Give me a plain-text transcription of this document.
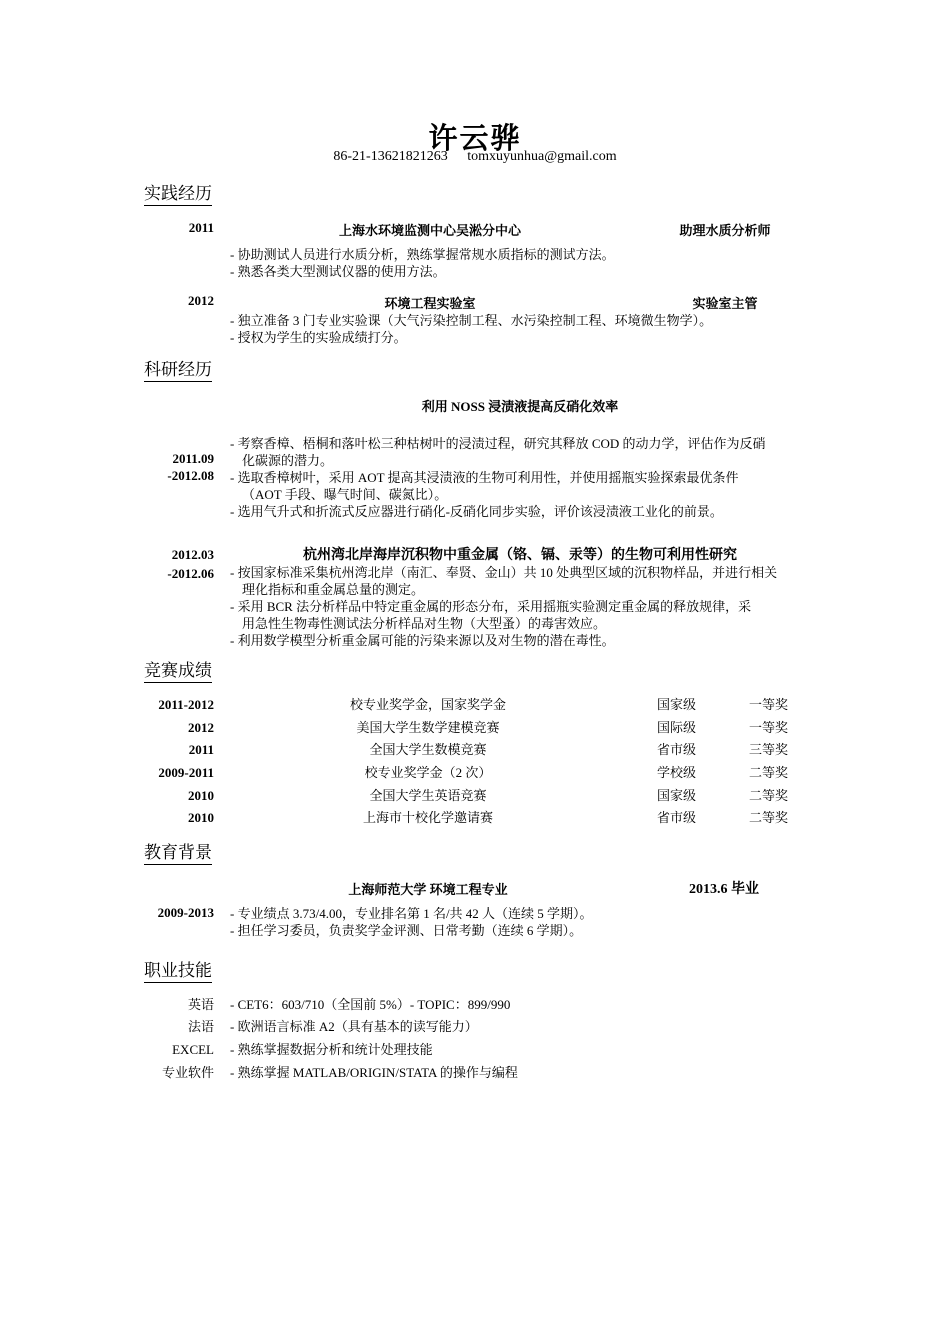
许云骅
86-21-13621821263 tomxuyunhua@gmail.com
实践经历
2011	上海水环境监测中心吴淞分中心	助理水质分析师
- 协助测试人员进行水质分析，熟练掌握常规水质指标的测试方法。
- 熟悉各类大型测试仪器的使用方法。
2012	环境工程实验室	实验室主管
- 独立准备 3 门专业实验课（大气污染控制工程、水污染控制工程、环境微生物学）。
- 授权为学生的实验成绩打分。
科研经历
利用 NOSS 浸渍液提高反硝化效率
2011.09
-2012.08
- 考察香樟、梧桐和落叶松三种枯树叶的浸渍过程，研究其释放 COD 的动力学，评估作为反硝
化碳源的潜力。
- 选取香樟树叶，采用 AOT 提高其浸渍液的生物可利用性，并使用摇瓶实验探索最优条件
（AOT 手段、曝气时间、碳氮比）。
- 选用气升式和折流式反应器进行硝化-反硝化同步实验，评价该浸渍液工业化的前景。
2012.03
-2012.06
杭州湾北岸海岸沉积物中重金属（铬、镉、汞等）的生物可利用性研究
- 按国家标准采集杭州湾北岸（南汇、奉贤、金山）共 10 处典型区域的沉积物样品，并进行相关
理化指标和重金属总量的测定。
- 采用 BCR 法分析样品中特定重金属的形态分布，采用摇瓶实验测定重金属的释放规律，采
用急性生物毒性测试法分析样品对生物（大型蚤）的毒害效应。
- 利用数学模型分析重金属可能的污染来源以及对生物的潜在毒性。
竞赛成绩
2011-2012	校专业奖学金，国家奖学金	国家级	一等奖
2012	美国大学生数学建模竞赛	国际级	一等奖
2011	全国大学生数模竞赛	省市级	三等奖
2009-2011	校专业奖学金（2 次）	学校级	二等奖
2010	全国大学生英语竞赛	国家级	二等奖
2010	上海市十校化学邀请赛	省市级	二等奖
教育背景
上海师范大学 环境工程专业	2013.6 毕业
2009-2013 - 专业绩点 3.73/4.00，专业排名第 1 名/共 42 人（连续 5 学期）。
- 担任学习委员，负责奖学金评测、日常考勤（连续 6 学期）。
职业技能
英语 - CET6：603/710（全国前 5%）- TOPIC：899/990
法语 - 欧洲语言标准 A2（具有基本的读写能力）
EXCEL - 熟练掌握数据分析和统计处理技能
专业软件 - 熟练掌握 MATLAB/ORIGIN/STATA 的操作与编程
